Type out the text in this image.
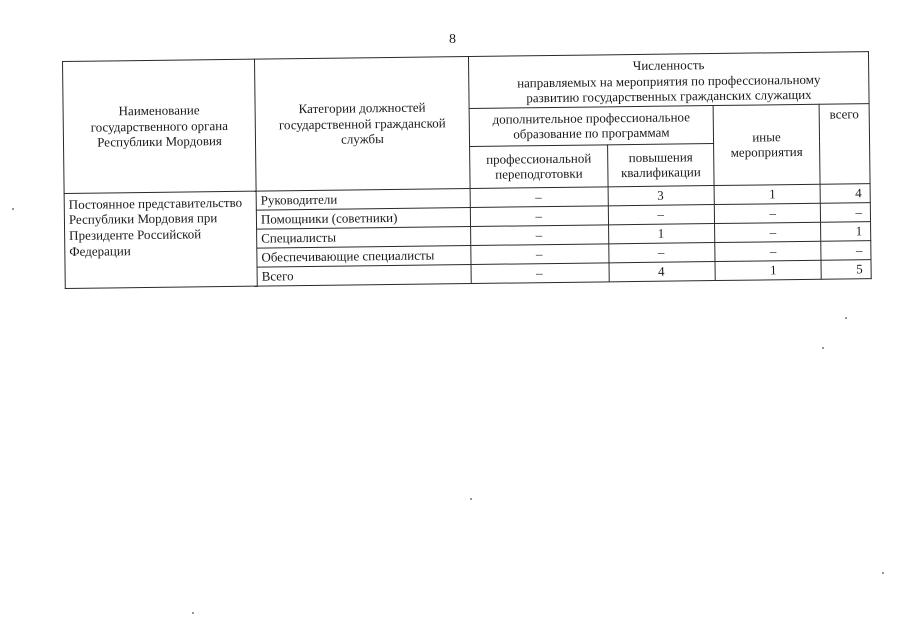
8
Наименование государственного органа Республики Мордовия	Категории должностей государственной гражданской службы	Численность
направляемых на мероприятия по профессиональному развитию государственных гражданских служащих			

		дополнительное профессиональное образование по программам		иные мероприятия	всего
		профессиональной переподготовки	повышения квалификации		
Постоянное представительство Республики Мордовия при Президенте Российской Федерации	Руководители	–	3	1	4
	Помощники (советники)	–	–	–	–
	Специалисты	–	1	–	1
	Обеспечивающие специалисты	–	–	–	–
	Всего	–	4	1	5
